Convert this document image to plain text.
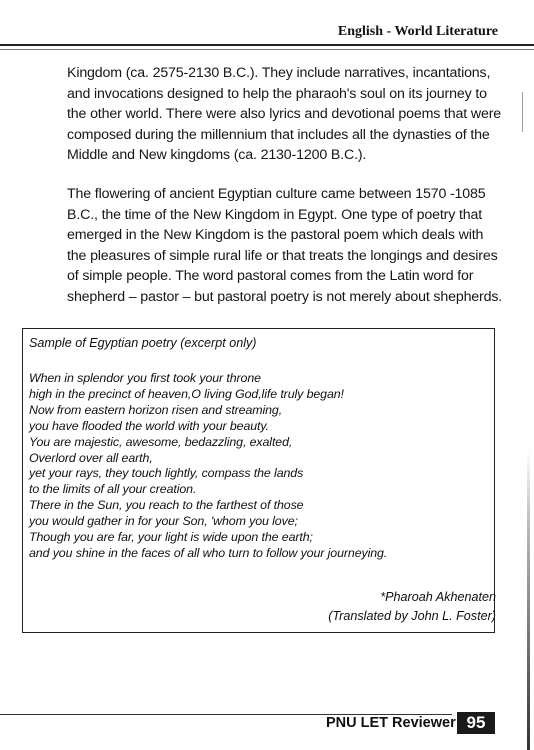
English - World Literature
Kingdom (ca. 2575-2130 B.C.). They include narratives, incantations, and invocations designed to help the pharaoh's soul on its journey to the other world. There were also lyrics and devotional poems that were composed during the millennium that includes all the dynasties of the Middle and New kingdoms (ca. 2130-1200 B.C.).
The flowering of ancient Egyptian culture came between 1570 -1085 B.C., the time of the New Kingdom in Egypt. One type of poetry that emerged in the New Kingdom is the pastoral poem which deals with the pleasures of simple rural life or that treats the longings and desires of simple people. The word pastoral comes from the Latin word for shepherd – pastor – but pastoral poetry is not merely about shepherds.
Sample of Egyptian poetry (excerpt only)
When in splendor you first took your throne
high in the precinct of heaven,O living God,life truly began!
Now from eastern horizon risen and streaming,
you have flooded the world with your beauty.
You are majestic, awesome, bedazzling, exalted,
Overlord over all earth,
yet your rays, they touch lightly, compass the lands
to the limits of all your creation.
There in the Sun, you reach to the farthest of those
you would gather in for your Son, 'whom you love;
Though you are far, your light is wide upon the earth;
and you shine in the faces of all who turn to follow your journeying.
*Pharoah Akhenaten
(Translated by John L. Foster)
PNU LET Reviewer 95
